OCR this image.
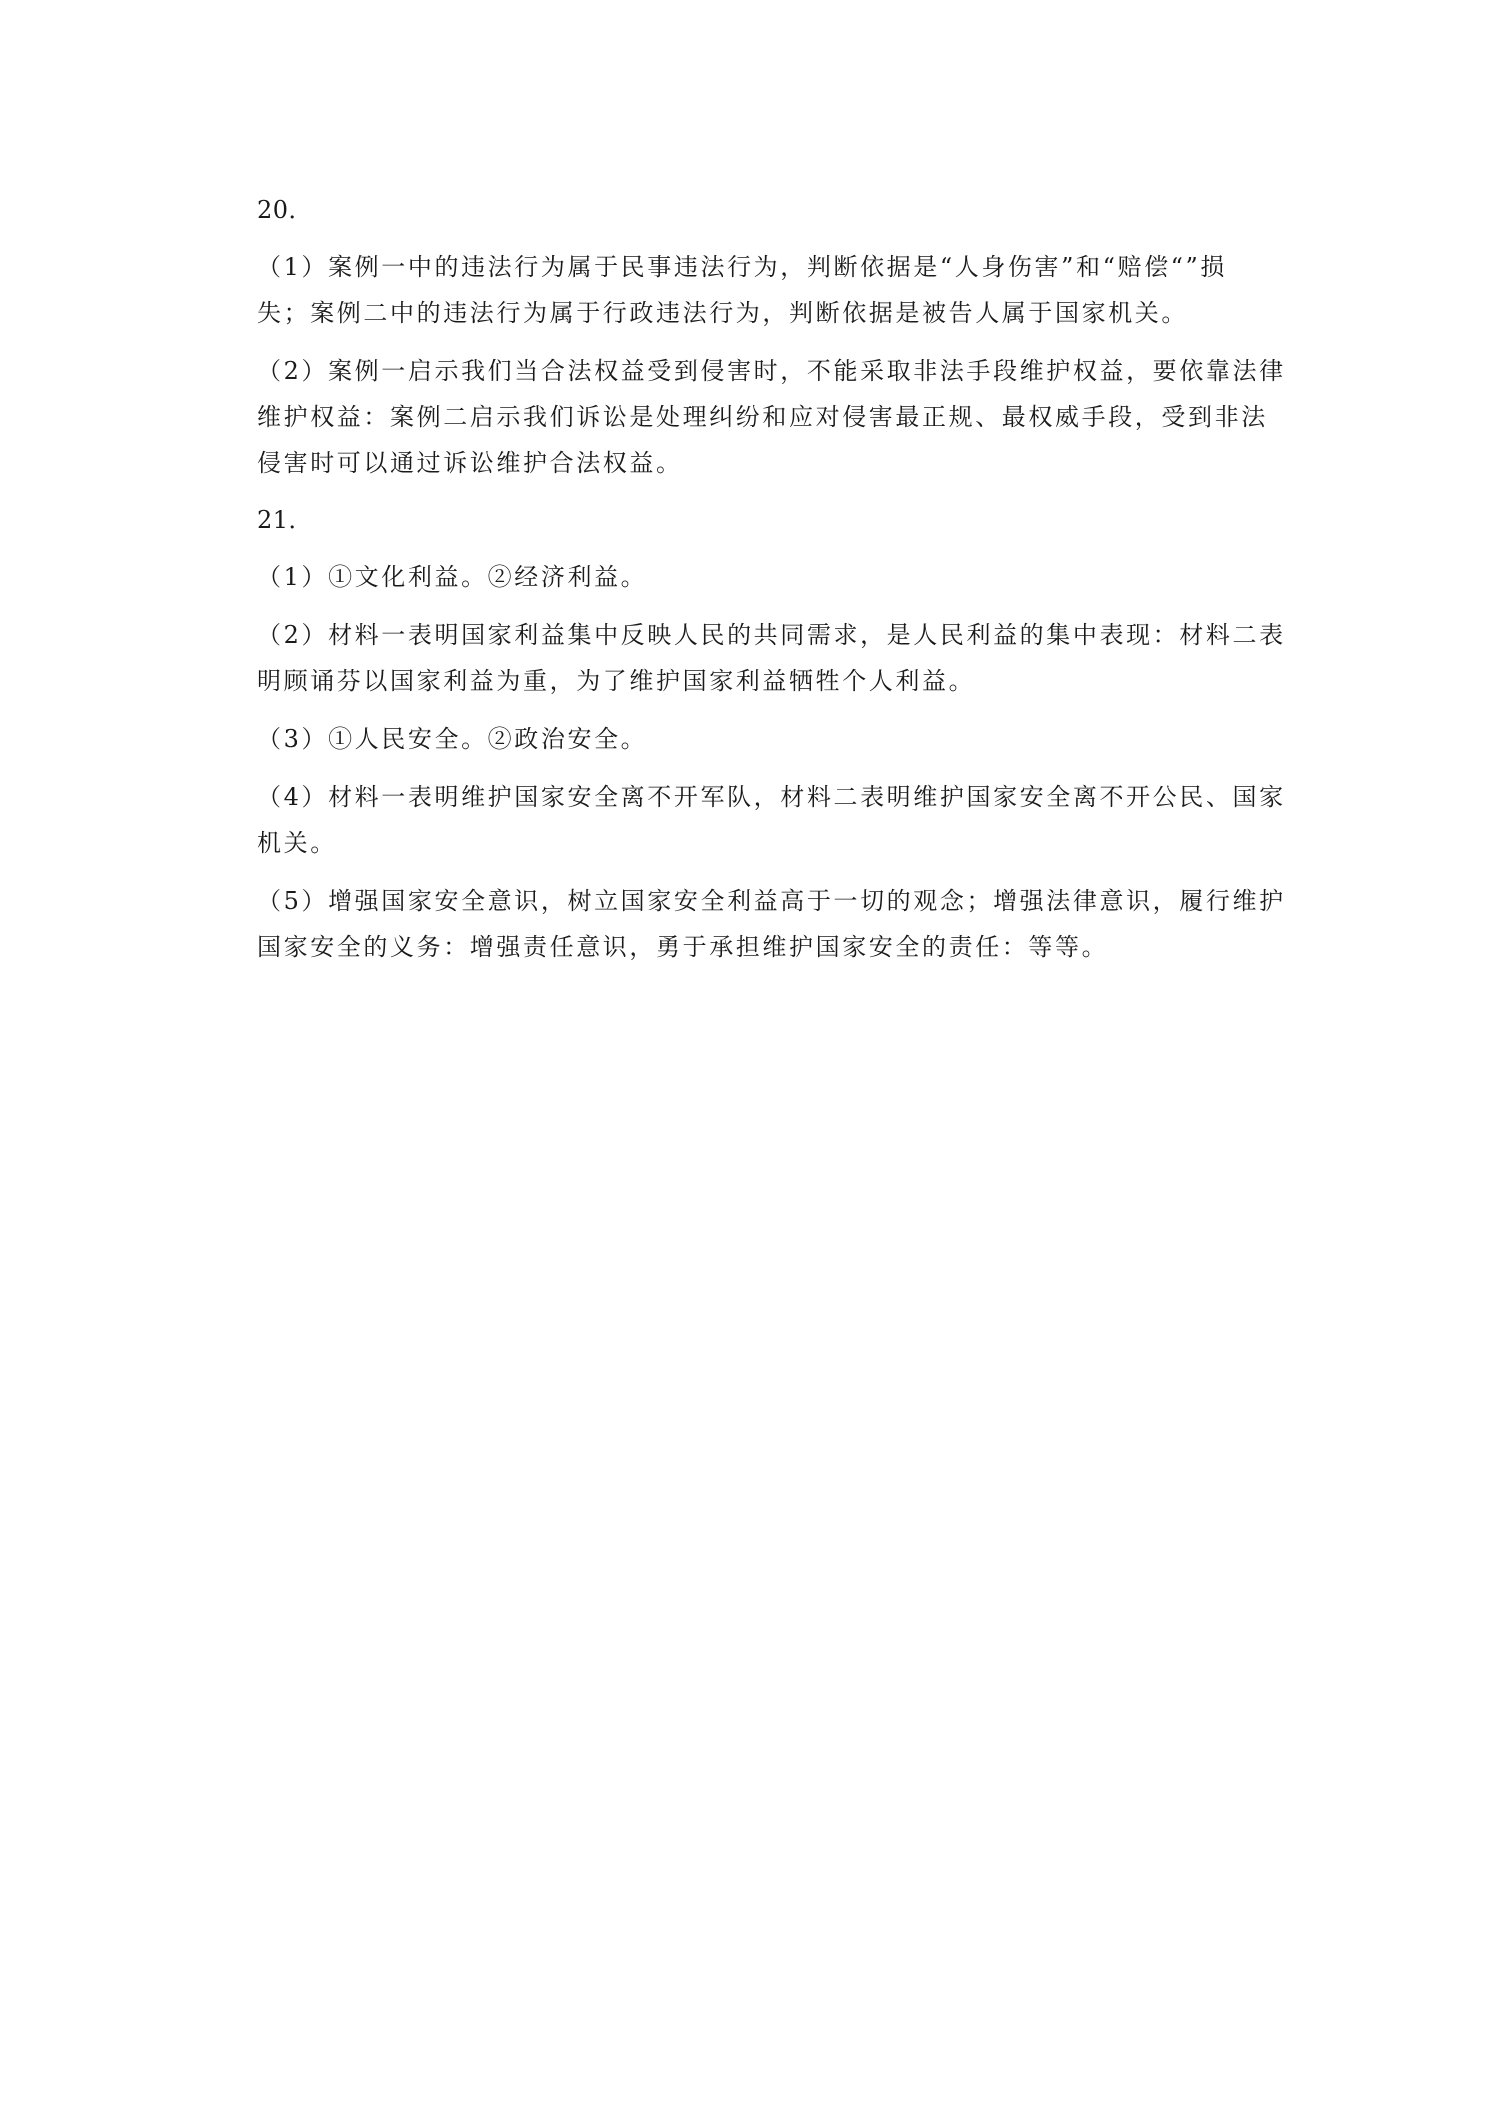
20．
（1）案例一中的违法行为属于民事违法行为，判断依据是“人身伤害”和“赔偿“”损
失；案例二中的违法行为属于行政违法行为，判断依据是被告人属于国家机关。
（2）案例一启示我们当合法权益受到侵害时，不能采取非法手段维护权益，要依靠法律
维护权益：案例二启示我们诉讼是处理纠纷和应对侵害最正规、最权威手段，受到非法
侵害时可以通过诉讼维护合法权益。
21．
（1）①文化利益。②经济利益。
（2）材料一表明国家利益集中反映人民的共同需求，是人民利益的集中表现：材料二表
明顾诵芬以国家利益为重，为了维护国家利益牺牲个人利益。
（3）①人民安全。②政治安全。
（4）材料一表明维护国家安全离不开军队，材料二表明维护国家安全离不开公民、国家
机关。
（5）增强国家安全意识，树立国家安全利益高于一切的观念；增强法律意识，履行维护
国家安全的义务：增强责任意识，勇于承担维护国家安全的责任：等等。
